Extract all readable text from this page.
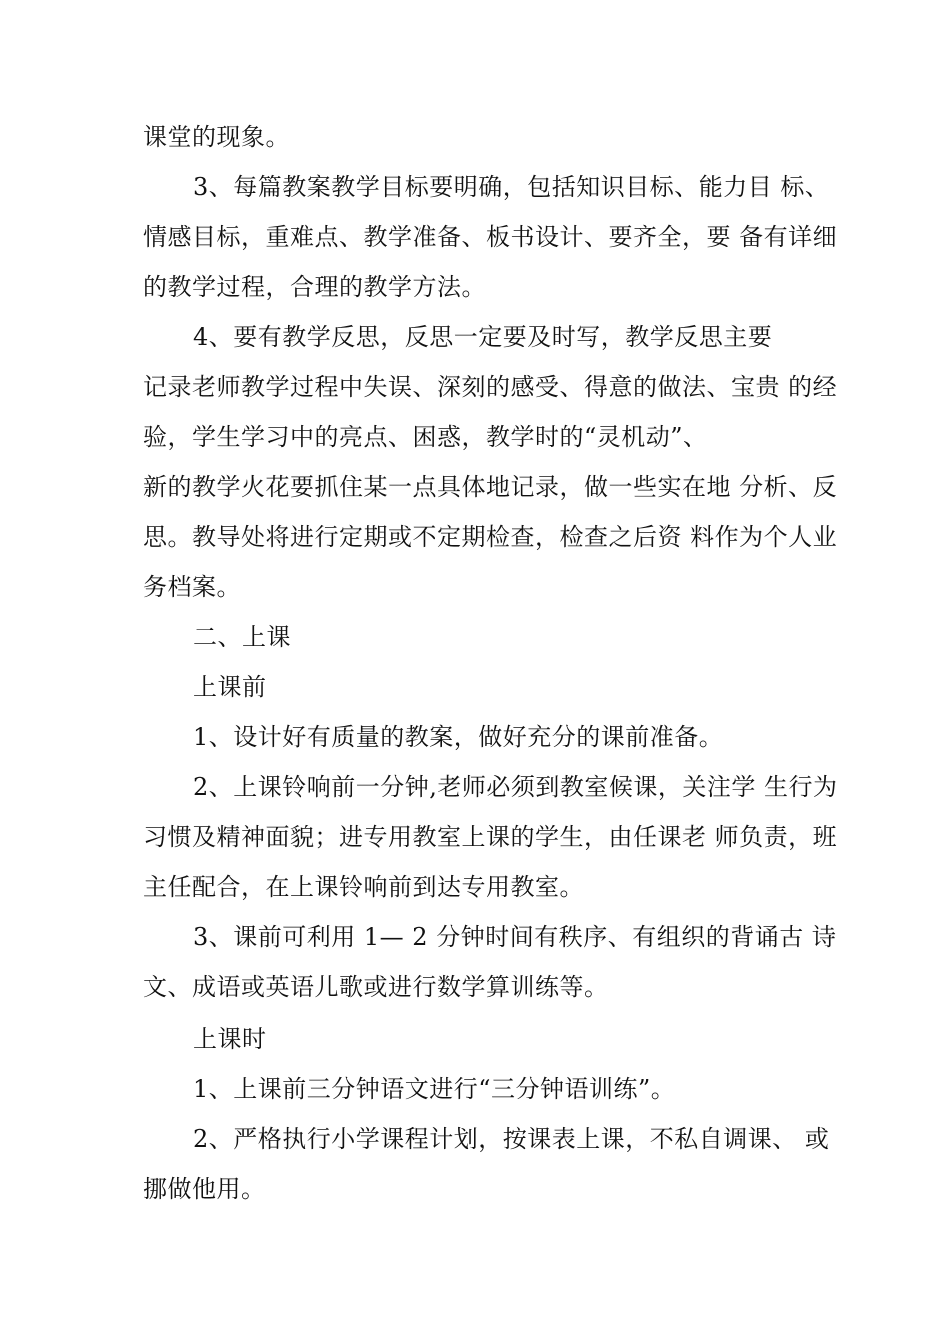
课堂的现象。
3、每篇教案教学目标要明确，包括知识目标、能力目 标、
情感目标，重难点、教学准备、板书设计、要齐全，要 备有详细
的教学过程，合理的教学方法。
4、要有教学反思，反思一定要及时写，教学反思主要
记录老师教学过程中失误、深刻的感受、得意的做法、宝贵 的经
验，学生学习中的亮点、困惑，教学时的“灵机动”、
新的教学火花要抓住某一点具体地记录，做一些实在地 分析、反
思。教导处将进行定期或不定期检查，检查之后资 料作为个人业
务档案。
二、上课
上课前
1、设计好有质量的教案，做好充分的课前准备。
2、上课铃响前一分钟,老师必须到教室候课，关注学 生行为
习惯及精神面貌；进专用教室上课的学生，由任课老 师负责，班
主任配合，在上课铃响前到达专用教室。
3、课前可利用 1— 2 分钟时间有秩序、有组织的背诵古 诗
文、成语或英语儿歌或进行数学算训练等。
上课时
1、上课前三分钟语文进行“三分钟语训练”。
2、严格执行小学课程计划，按课表上课，不私自调课、 或
挪做他用。
